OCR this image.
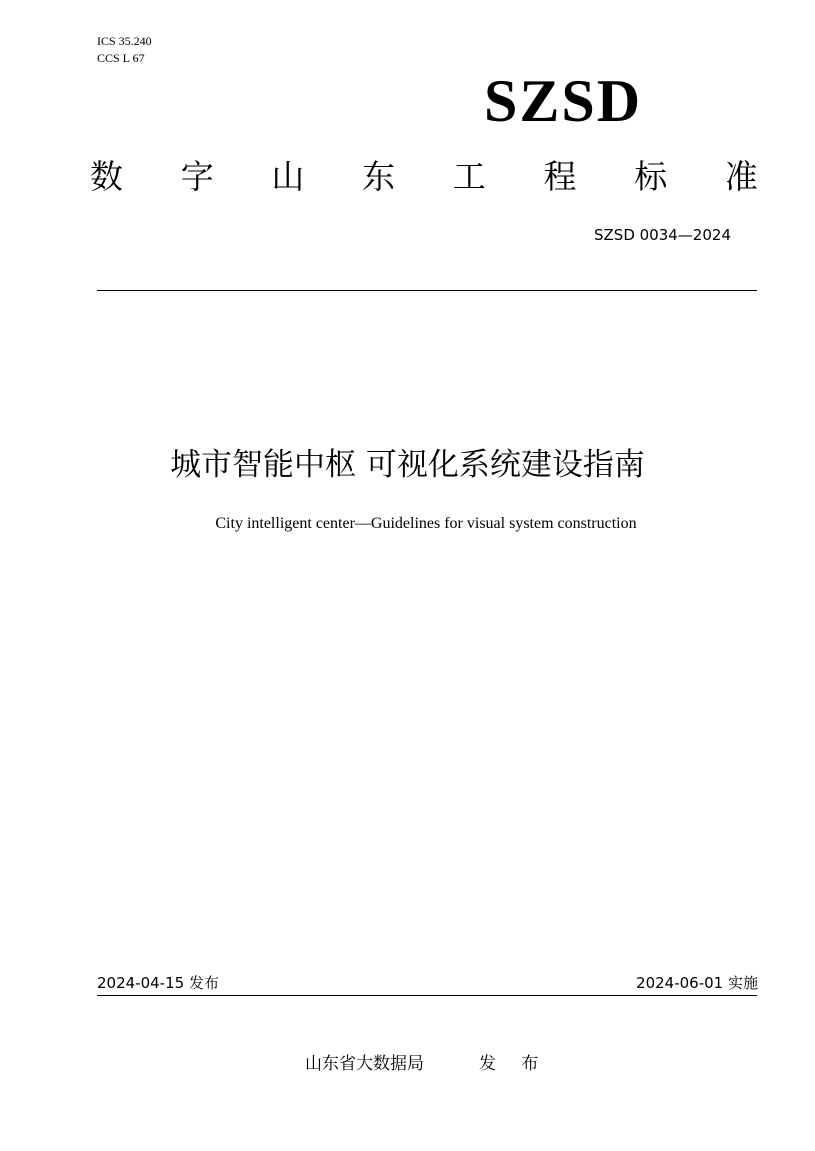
ICS 35.240
CCS L 67
SZSD
数 字 山 东 工 程 标 准
SZSD 0034—2024
城市智能中枢 可视化系统建设指南
City intelligent center—Guidelines for visual system construction
2024-04-15 发布	2024-06-01 实施
山东省大数据局	发 布
